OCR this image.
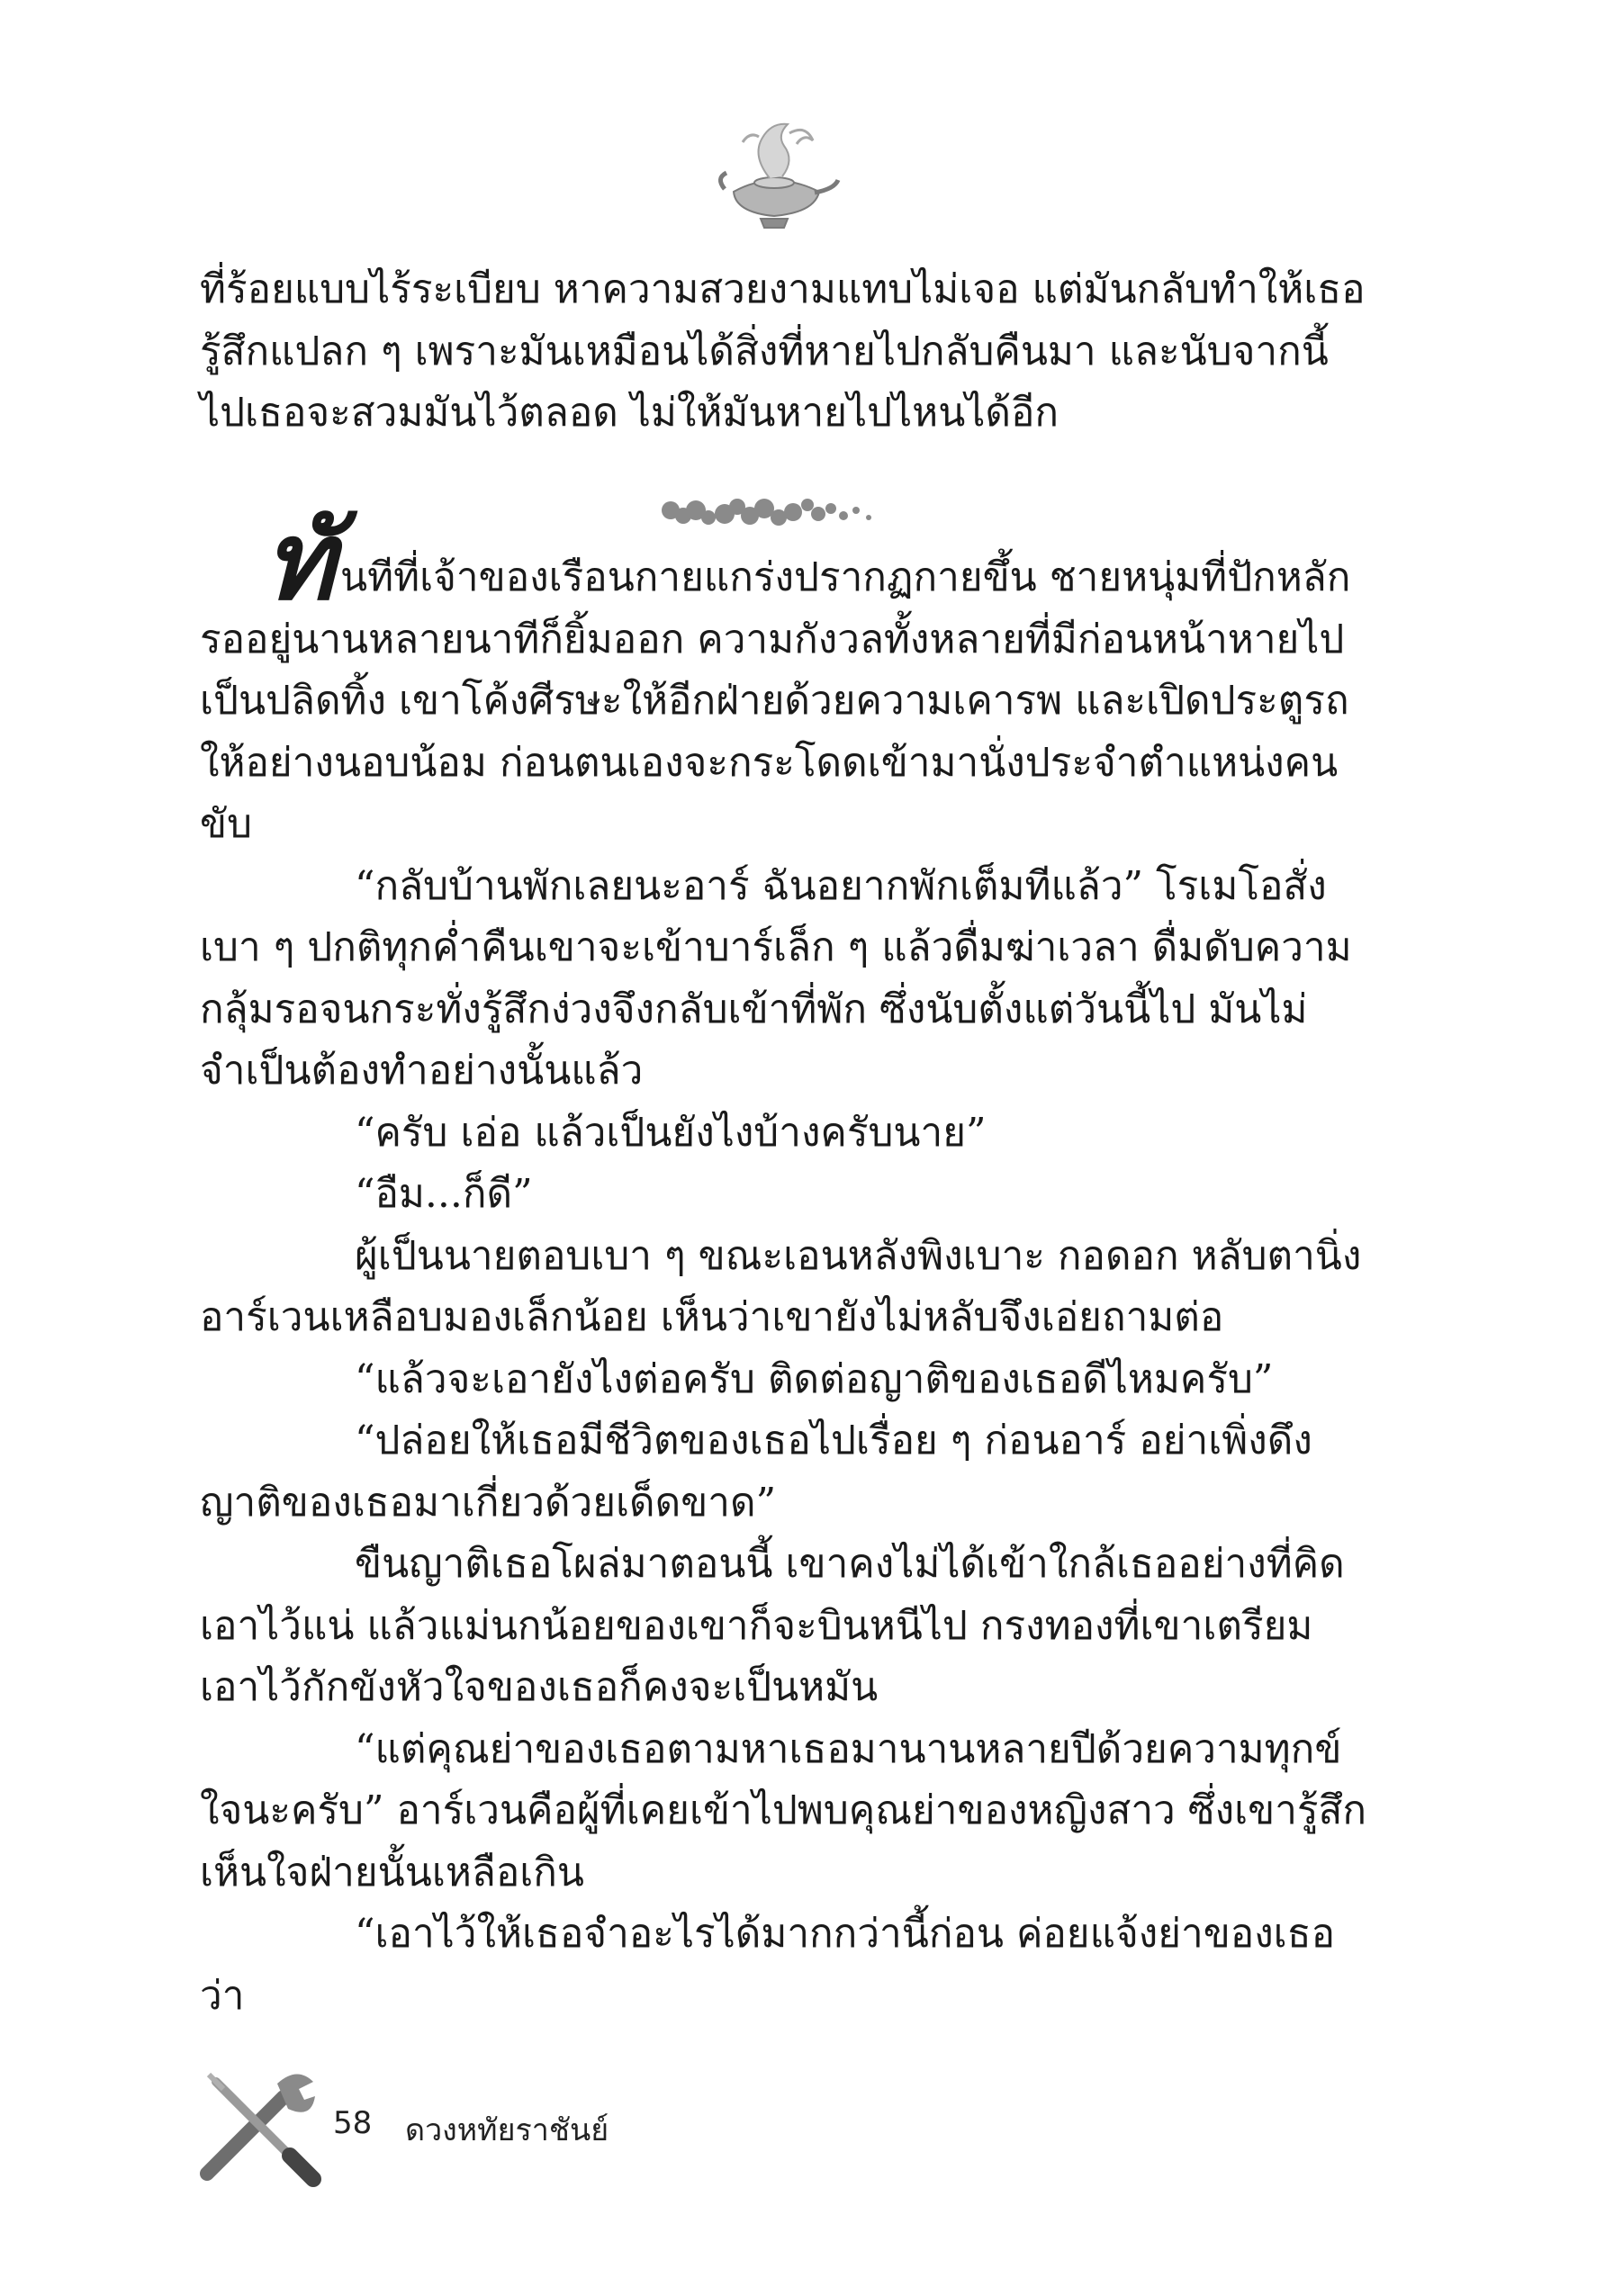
ที่ร้อยแบบไร้ระเบียบ หาความสวยงามแทบไม่เจอ แต่มันกลับทำให้เธอรู้สึกแปลก ๆ เพราะมันเหมือนได้สิ่งที่หายไปกลับคืนมา และนับจากนี้ไปเธอจะสวมมันไว้ตลอด ไม่ให้มันหายไปไหนได้อีก

ทันทีที่เจ้าของเรือนกายแกร่งปรากฏกายขึ้น ชายหนุ่มที่ปักหลักรออยู่นานหลายนาทีก็ยิ้มออก ความกังวลทั้งหลายที่มีก่อนหน้าหายไปเป็นปลิดทิ้ง เขาโค้งศีรษะให้อีกฝ่ายด้วยความเคารพ และเปิดประตูรถให้อย่างนอบน้อม ก่อนตนเองจะกระโดดเข้ามานั่งประจำตำแหน่งคนขับ

“กลับบ้านพักเลยนะอาร์ ฉันอยากพักเต็มทีแล้ว” โรเมโอสั่งเบา ๆ ปกติทุกค่ำคืนเขาจะเข้าบาร์เล็ก ๆ แล้วดื่มฆ่าเวลา ดื่มดับความกลุ้มรอจนกระทั่งรู้สึกง่วงจึงกลับเข้าที่พัก ซึ่งนับตั้งแต่วันนี้ไป มันไม่จำเป็นต้องทำอย่างนั้นแล้ว

“ครับ เอ่อ แล้วเป็นยังไงบ้างครับนาย”

“อืม...ก็ดี”

ผู้เป็นนายตอบเบา ๆ ขณะเอนหลังพิงเบาะ กอดอก หลับตานิ่ง อาร์เวนเหลือบมองเล็กน้อย เห็นว่าเขายังไม่หลับจึงเอ่ยถามต่อ

“แล้วจะเอายังไงต่อครับ ติดต่อญาติของเธอดีไหมครับ”

“ปล่อยให้เธอมีชีวิตของเธอไปเรื่อย ๆ ก่อนอาร์ อย่าเพิ่งดึงญาติของเธอมาเกี่ยวด้วยเด็ดขาด”

ขืนญาติเธอโผล่มาตอนนี้ เขาคงไม่ได้เข้าใกล้เธออย่างที่คิดเอาไว้แน่ แล้วแม่นกน้อยของเขาก็จะบินหนีไป กรงทองที่เขาเตรียมเอาไว้กักขังหัวใจของเธอก็คงจะเป็นหมัน

“แต่คุณย่าของเธอตามหาเธอมานานหลายปีด้วยความทุกข์ใจนะครับ” อาร์เวนคือผู้ที่เคยเข้าไปพบคุณย่าของหญิงสาว ซึ่งเขารู้สึกเห็นใจฝ่ายนั้นเหลือเกิน

“เอาไว้ให้เธอจำอะไรได้มากกว่านี้ก่อน ค่อยแจ้งย่าของเธอว่า

58 ดวงหทัยราชันย์
